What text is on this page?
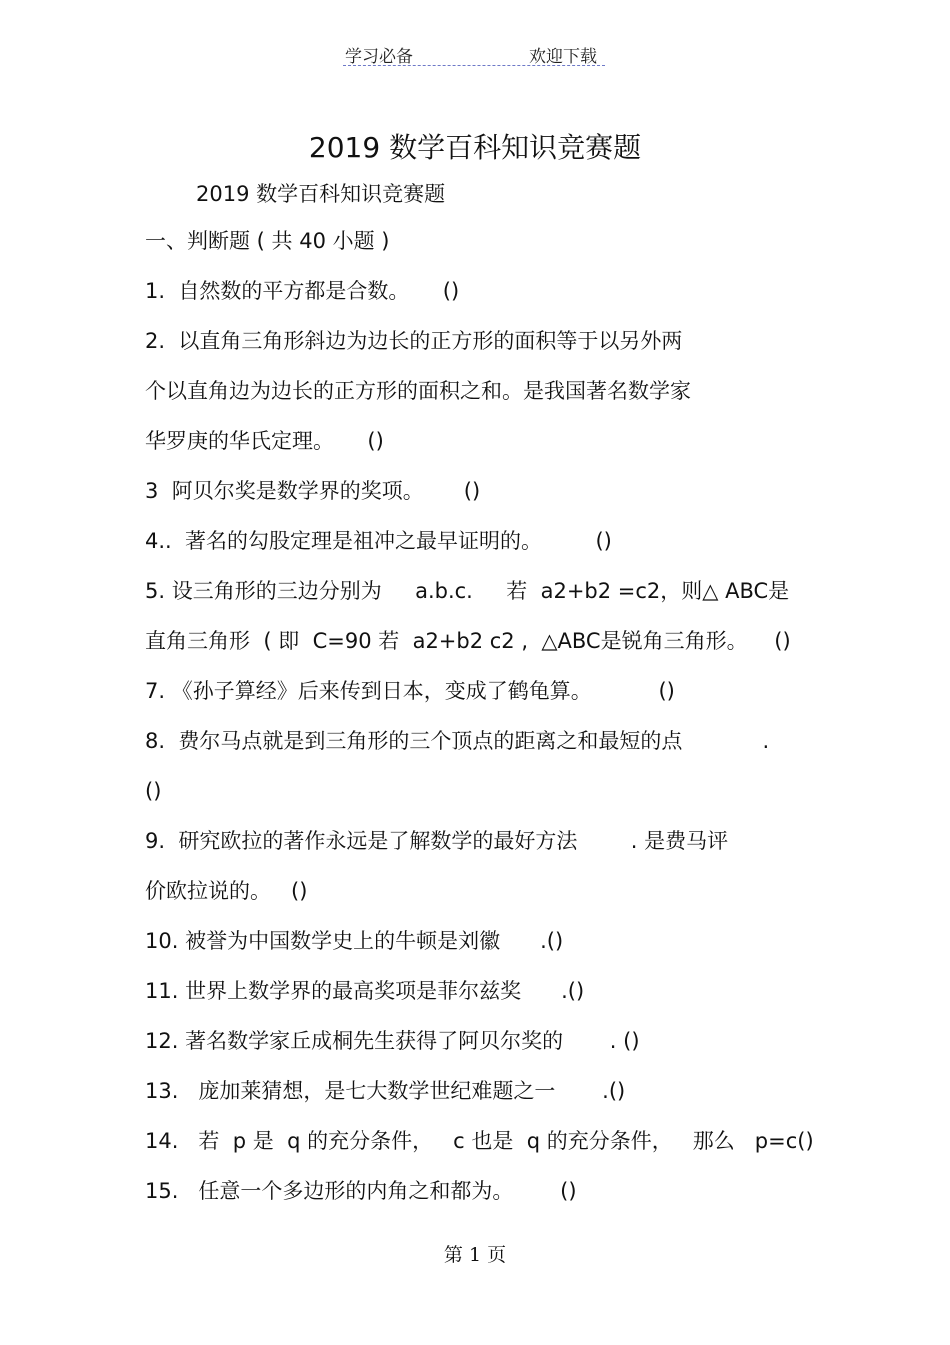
学习必备	欢迎下载
2019 数学百科知识竞赛题
2019 数学百科知识竞赛题
一、判断题 ( 共 40 小题 )
1.  自然数的平方都是合数。     ()
2.  以直角三角形斜边为边长的正方形的面积等于以另外两
个以直角边为边长的正方形的面积之和。是我国著名数学家
华罗庚的华氏定理。     ()
3  阿贝尔奖是数学界的奖项。      ()
4..  著名的勾股定理是祖冲之最早证明的。        ()
5. 设三角形的三边分别为     a.b.c.     若  a2+b2 =c2，则△ ABC是
直角三角形  ( 即  C=90 若  a2+b2 c2 ,  △ABC是锐角三角形。    ()
7. 《孙子算经》后来传到日本，变成了鹤龟算。          ()
8.  费尔马点就是到三角形的三个顶点的距离之和最短的点            .
()
9.  研究欧拉的著作永远是了解数学的最好方法        . 是费马评
价欧拉说的。   ()
10. 被誉为中国数学史上的牛顿是刘徽      .()
11. 世界上数学界的最高奖项是菲尔兹奖      .()
12. 著名数学家丘成桐先生获得了阿贝尔奖的       . ()
13.   庞加莱猜想，是七大数学世纪难题之一       .()
14.   若  p 是  q 的充分条件，   c 也是  q 的充分条件，   那么   p=c()
15.   任意一个多边形的内角之和都为。       ()
第 1 页
